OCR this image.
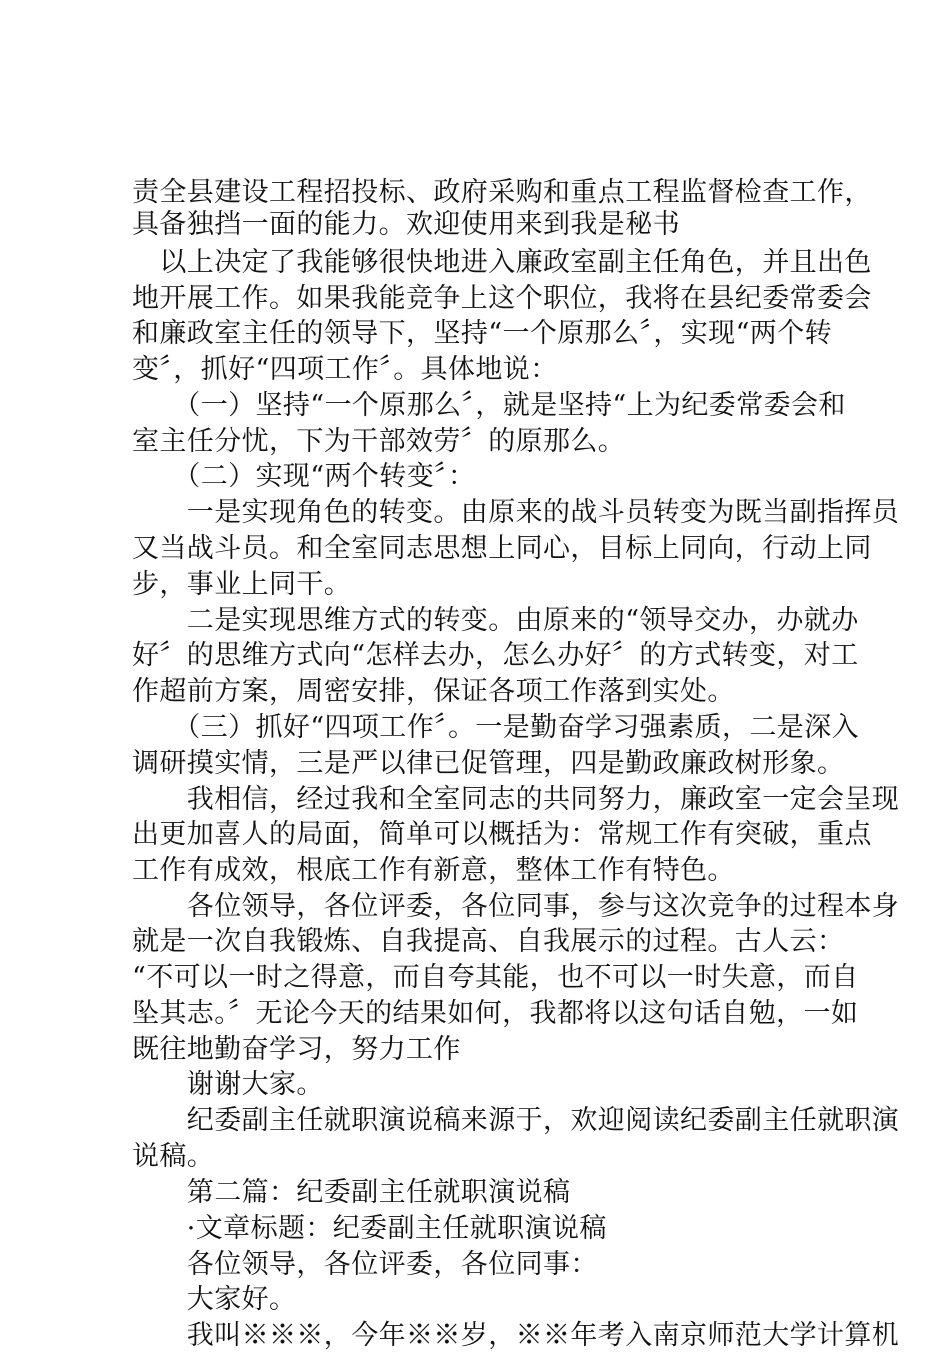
责全县建设工程招投标、政府采购和重点工程监督检查工作，
具备独挡一面的能力。欢迎使用来到我是秘书
　以上决定了我能够很快地进入廉政室副主任角色，并且出色
地开展工作。如果我能竞争上这个职位，我将在县纪委常委会
和廉政室主任的领导下，坚持“一个原那么〞，实现“两个转
变〞，抓好“四项工作〞。具体地说：
　　（一）坚持“一个原那么〞，就是坚持“上为纪委常委会和
室主任分忧，下为干部效劳〞的原那么。
　　（二）实现“两个转变〞：
　　一是实现角色的转变。由原来的战斗员转变为既当副指挥员
又当战斗员。和全室同志思想上同心，目标上同向，行动上同
步，事业上同干。
　　二是实现思维方式的转变。由原来的“领导交办，办就办
好〞的思维方式向“怎样去办，怎么办好〞的方式转变，对工
作超前方案，周密安排，保证各项工作落到实处。
　　（三）抓好“四项工作〞。一是勤奋学习强素质，二是深入
调研摸实情，三是严以律已促管理，四是勤政廉政树形象。
　　我相信，经过我和全室同志的共同努力，廉政室一定会呈现
出更加喜人的局面，简单可以概括为：常规工作有突破，重点
工作有成效，根底工作有新意，整体工作有特色。
　　各位领导，各位评委，各位同事，参与这次竞争的过程本身
就是一次自我锻炼、自我提高、自我展示的过程。古人云：
“不可以一时之得意，而自夸其能，也不可以一时失意，而自
坠其志。〞无论今天的结果如何，我都将以这句话自勉，一如
既往地勤奋学习，努力工作
　　谢谢大家。
　　纪委副主任就职演说稿来源于，欢迎阅读纪委副主任就职演
说稿。
　　第二篇：纪委副主任就职演说稿
　　·文章标题：纪委副主任就职演说稿
　　各位领导，各位评委，各位同事：
　　大家好。
　　我叫※※※，今年※※岁，※※年考入南京师范大学计算机
